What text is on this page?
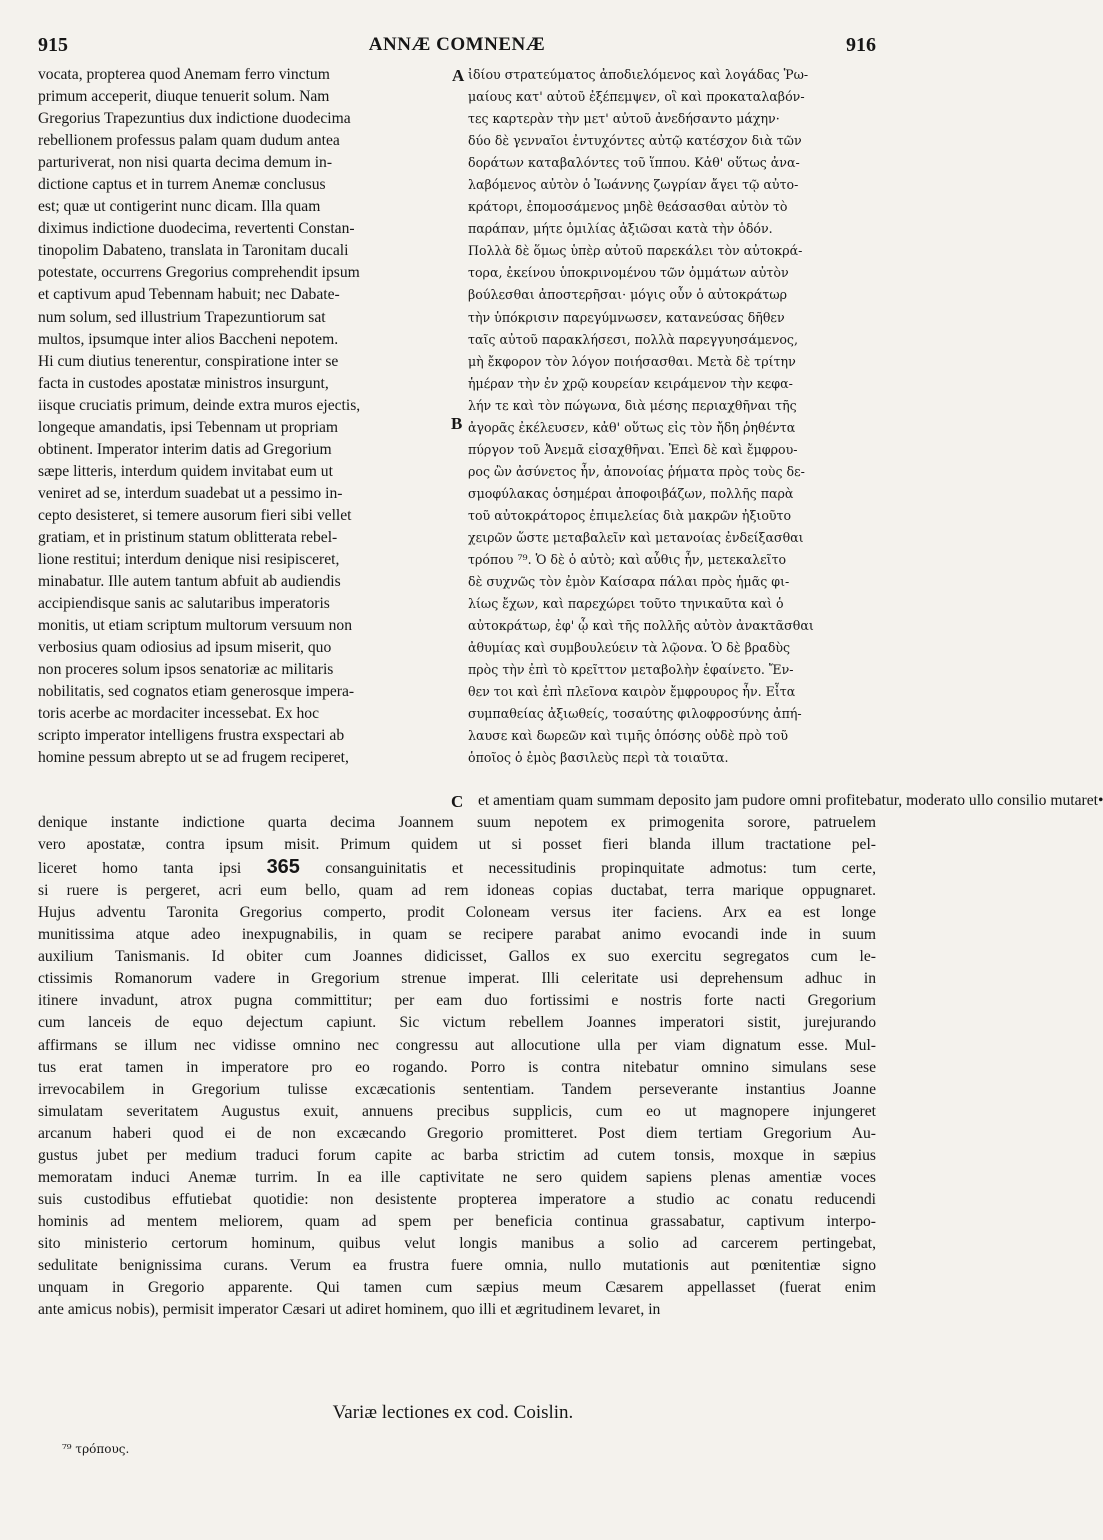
915	ANNÆ COMNENÆ	916
vocata, propterea quod Anemam ferro vinctum
primum acceperit, diuque tenuerit solum. Nam
Gregorius Trapezuntius dux indictione duodecima
rebellionem professus palam quam dudum antea
parturiverat, non nisi quarta decima demum in-
dictione captus et in turrem Anemæ conclusus
est; quæ ut contigerint nunc dicam. Illa quam
diximus indictione duodecima, revertenti Constan-
tinopolim Dabateno, translata in Taronitam ducali
potestate, occurrens Gregorius comprehendit ipsum
et captivum apud Tebennam habuit; nec Dabate-
num solum, sed illustrium Trapezuntiorum sat
multos, ipsumque inter alios Baccheni nepotem.
Hi cum diutius tenerentur, conspiratione inter se
facta in custodes apostatæ ministros insurgunt,
iisque cruciatis primum, deinde extra muros ejectis,
longeque amandatis, ipsi Tebennam ut propriam
obtinent. Imperator interim datis ad Gregorium
sæpe litteris, interdum quidem invitabat eum ut
veniret ad se, interdum suadebat ut a pessimo in-
cepto desisteret, si temere ausorum fieri sibi vellet
gratiam, et in pristinum statum oblitterata rebel-
lione restitui; interdum denique nisi resipisceret,
minabatur. Ille autem tantum abfuit ab audiendis
accipiendisque sanis ac salutaribus imperatoris
monitis, ut etiam scriptum multorum versuum non
verbosius quam odiosius ad ipsum miserit, quo
non proceres solum ipsos senatoriæ ac militaris
nobilitatis, sed cognatos etiam generosque impera-
toris acerbe ac mordaciter incessebat. Ex hoc
scripto imperator intelligens frustra exspectari ab
homine pessum abrepto ut se ad frugem reciperet,
A
B
C
ἰδίου στρατεύματος ἀποδιελόμενος καὶ λογάδας Ῥω-
μαίους κατ' αὐτοῦ ἐξέπεμψεν, οἳ καὶ προκαταλαβόν-
τες καρτερὰν τὴν μετ' αὐτοῦ ἀνεδήσαντο μάχην·
δύο δὲ γενναῖοι ἐντυχόντες αὐτῷ κατέσχον διὰ τῶν
δοράτων καταβαλόντες τοῦ ἵππου. Κἀθ' οὕτως ἀνα-
λαβόμενος αὐτὸν ὁ Ἰωάννης ζωγρίαν ἄγει τῷ αὐτο-
κράτορι, ἐπομοσάμενος μηδὲ θεάσασθαι αὐτὸν τὸ
παράπαν, μήτε ὁμιλίας ἀξιῶσαι κατὰ τὴν ὁδόν.
Πολλὰ δὲ ὅμως ὑπὲρ αὐτοῦ παρεκάλει τὸν αὐτοκρά-
τορα, ἐκείνου ὑποκρινομένου τῶν ὀμμάτων αὐτὸν
βούλεσθαι ἀποστερῆσαι· μόγις οὖν ὁ αὐτοκράτωρ
τὴν ὑπόκρισιν παρεγύμνωσεν, κατανεύσας δῆθεν
ταῖς αὐτοῦ παρακλήσεσι, πολλὰ παρεγγυησάμενος,
μὴ ἔκφορον τὸν λόγον ποιήσασθαι. Μετὰ δὲ τρίτην
ἡμέραν τὴν ἐν χρῷ κουρείαν κειράμενον τὴν κεφα-
λήν τε καὶ τὸν πώγωνα, διὰ μέσης περιαχθῆναι τῆς
ἀγορᾶς ἐκέλευσεν, κἀθ' οὕτως εἰς τὸν ἤδη ῥηθέντα
πύργον τοῦ Ἀνεμᾶ εἰσαχθῆναι. Ἐπεὶ δὲ καὶ ἔμφρου-
ρος ὢν ἀσύνετος ἦν, ἀπονοίας ῥήματα πρὸς τοὺς δε-
σμοφύλακας ὁσημέραι ἀποφοιβάζων, πολλῆς παρὰ
τοῦ αὐτοκράτορος ἐπιμελείας διὰ μακρῶν ἠξιοῦτο
χειρῶν ὥστε μεταβαλεῖν καὶ μετανοίας ἐνδείξασθαι
τρόπου ⁷⁹. Ὁ δὲ ὁ αὐτὸ; καὶ αὖθις ἦν, μετεκαλεῖτο
δὲ συχνῶς τὸν ἐμὸν Καίσαρα πάλαι πρὸς ἡμᾶς φι-
λίως ἔχων, καὶ παρεχώρει τοῦτο τηνικαῦτα καὶ ὁ
αὐτοκράτωρ, ἐφ' ᾧ καὶ τῆς πολλῆς αὐτὸν ἀνακτᾶσθαι
ἀθυμίας καὶ συμβουλεύειν τὰ λῷονα. Ὁ δὲ βραδὺς
πρὸς τὴν ἐπὶ τὸ κρεῖττον μεταβολὴν ἐφαίνετο. Ἔν-
θεν τοι καὶ ἐπὶ πλεῖονα καιρὸν ἔμφρουρος ἦν. Εἶτα
συμπαθείας ἀξιωθείς, τοσαύτης φιλοφροσύνης ἀπή-
λαυσε καὶ δωρεῶν καὶ τιμῆς ὁπόσης οὐδὲ πρὸ τοῦ
ὁποῖος ὁ ἐμὸς βασιλεὺς περὶ τὰ τοιαῦτα.
et amentiam quam summam deposito jam pudore omni profitebatur, moderato ullo consilio mutaret•
denique instante indictione quarta decima Joannem suum nepotem ex primogenita sorore, patruelem
vero apostatæ, contra ipsum misit. Primum quidem ut si posset fieri blanda illum tractatione pel-
liceret homo tanta ipsi 365 consanguinitatis et necessitudinis propinquitate admotus: tum certe,
si ruere is pergeret, acri eum bello, quam ad rem idoneas copias ductabat, terra marique oppugnaret.
Hujus adventu Taronita Gregorius comperto, prodit Coloneam versus iter faciens. Arx ea est longe
munitissima atque adeo inexpugnabilis, in quam se recipere parabat animo evocandi inde in suum
auxilium Tanismanis. Id obiter cum Joannes didicisset, Gallos ex suo exercitu segregatos cum le-
ctissimis Romanorum vadere in Gregorium strenue imperat. Illi celeritate usi deprehensum adhuc in
itinere invadunt, atrox pugna committitur; per eam duo fortissimi e nostris forte nacti Gregorium
cum lanceis de equo dejectum capiunt. Sic victum rebellem Joannes imperatori sistit, jurejurando
affirmans se illum nec vidisse omnino nec congressu aut allocutione ulla per viam dignatum esse. Mul-
tus erat tamen in imperatore pro eo rogando. Porro is contra nitebatur omnino simulans sese
irrevocabilem in Gregorium tulisse excæcationis sententiam. Tandem perseverante instantius Joanne
simulatam severitatem Augustus exuit, annuens precibus supplicis, cum eo ut magnopere injungeret
arcanum haberi quod ei de non excæcando Gregorio promitteret. Post diem tertiam Gregorium Au-
gustus jubet per medium traduci forum capite ac barba strictim ad cutem tonsis, moxque in sæpius
memoratam induci Anemæ turrim. In ea ille captivitate ne sero quidem sapiens plenas amentiæ voces
suis custodibus effutiebat quotidie: non desistente propterea imperatore a studio ac conatu reducendi
hominis ad mentem meliorem, quam ad spem per beneficia continua grassabatur, captivum interpo-
sito ministerio certorum hominum, quibus velut longis manibus a solio ad carcerem pertingebat,
sedulitate benignissima curans. Verum ea frustra fuere omnia, nullo mutationis aut pœnitentiæ signo
unquam in Gregorio apparente. Qui tamen cum sæpius meum Cæsarem appellasset (fuerat enim
ante amicus nobis), permisit imperator Cæsari ut adiret hominem, quo illi et ægritudinem levaret, in
Variæ lectiones ex cod. Coislin.
⁷⁹ τρόπους.
